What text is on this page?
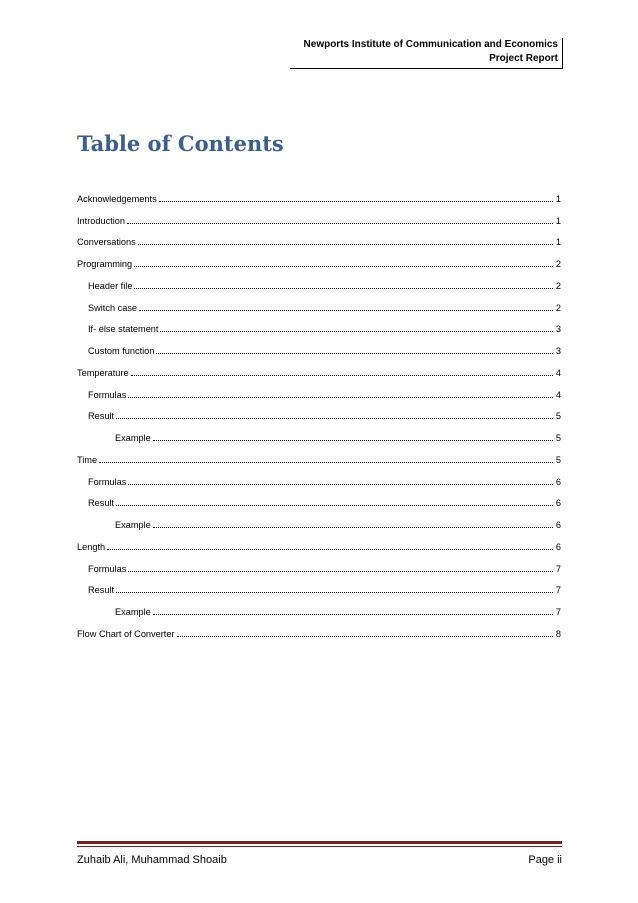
Newports Institute of Communication and Economics
Project Report
Table of Contents
Acknowledgements	1
Introduction	1
Conversations	1
Programming	2
Header file	2
Switch case	2
If- else statement	3
Custom function	3
Temperature	4
Formulas	4
Result	5
Example	5
Time	5
Formulas	6
Result	6
Example	6
Length	6
Formulas	7
Result	7
Example	7
Flow Chart of Converter	8
Zuhaib Ali, Muhammad Shoaib	Page ii
